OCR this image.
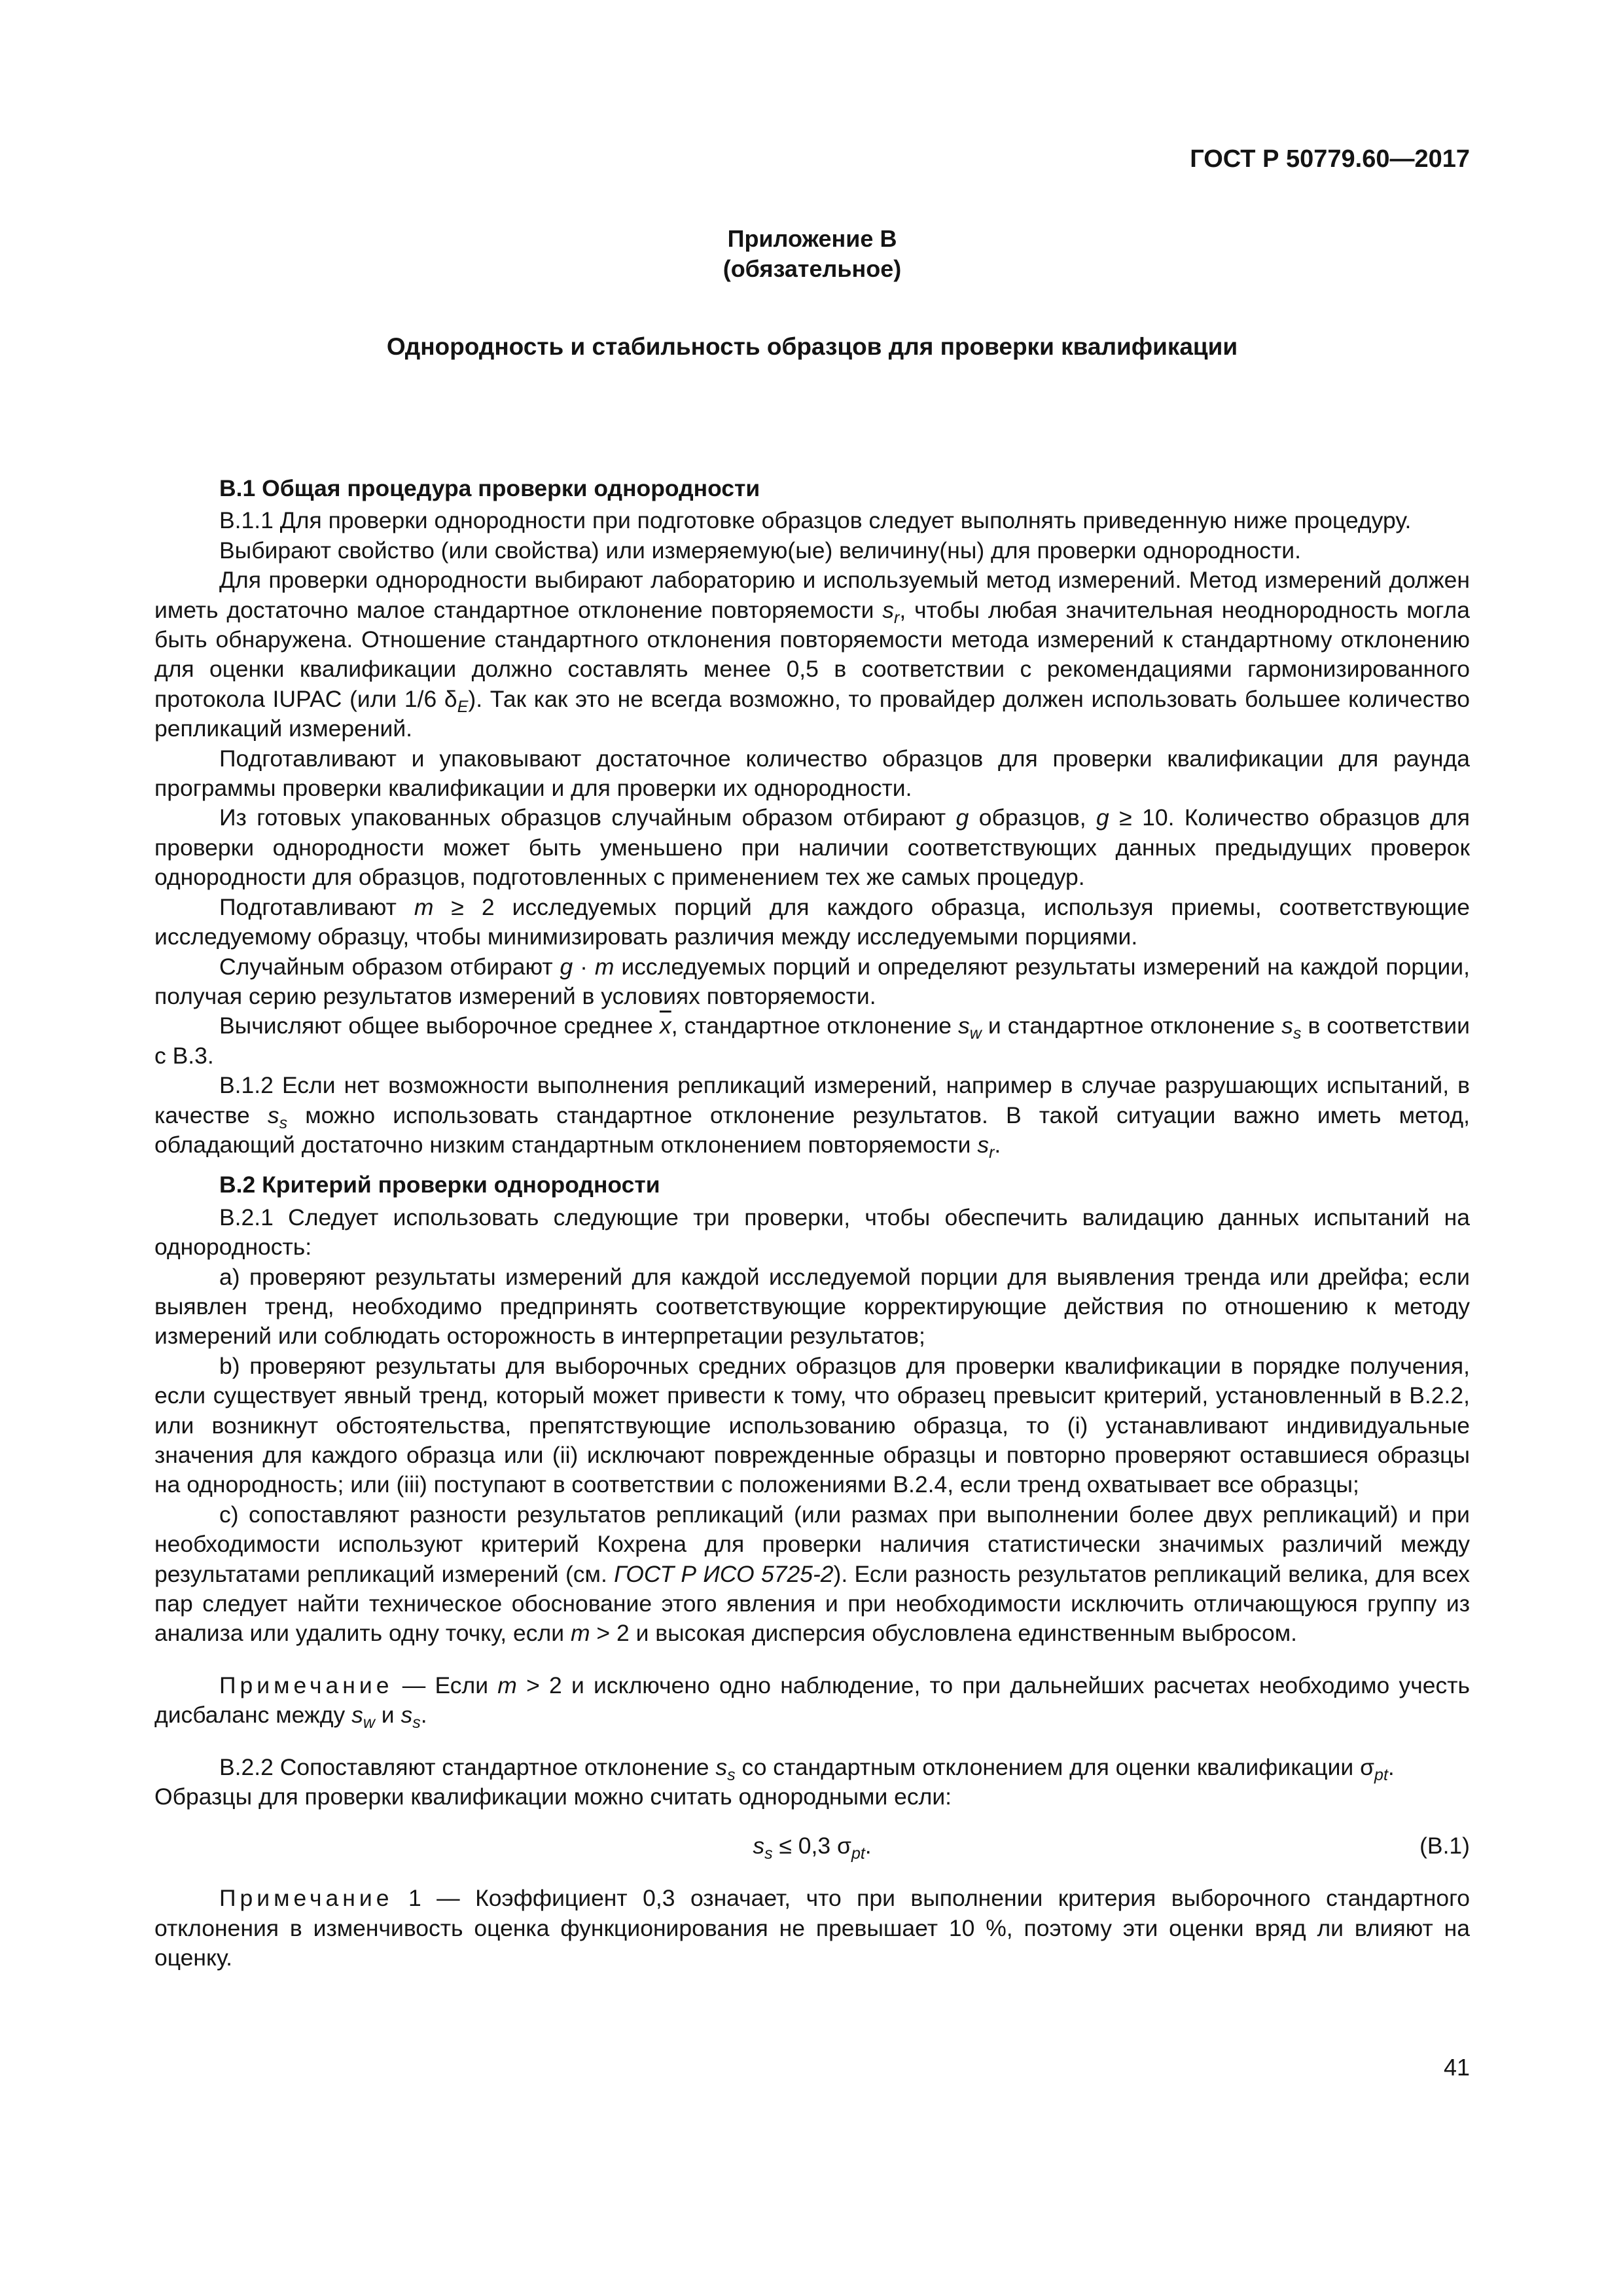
ГОСТ Р 50779.60—2017
Приложение В
(обязательное)
Однородность и стабильность образцов для проверки квалификации
В.1 Общая процедура проверки однородности

В.1.1 Для проверки однородности при подготовке образцов следует выполнять приведенную ниже процедуру.

Выбирают свойство (или свойства) или измеряемую(ые) величину(ны) для проверки однородности.

Для проверки однородности выбирают лабораторию и используемый метод измерений. Метод измерений должен иметь достаточно малое стандартное отклонение повторяемости $s_r$, чтобы любая значительная неоднородность могла быть обнаружена. Отношение стандартного отклонения повторяемости метода измерений к стандартному отклонению для оценки квалификации должно составлять менее 0,5 в соответствии с рекомендациями гармонизированного протокола IUPAC (или 1/6 $\delta_E$). Так как это не всегда возможно, то провайдер должен использовать большее количество репликаций измерений.

Подготавливают и упаковывают достаточное количество образцов для проверки квалификации для раунда программы проверки квалификации и для проверки их однородности.

Из готовых упакованных образцов случайным образом отбирают g образцов, g ≥ 10. Количество образцов для проверки однородности может быть уменьшено при наличии соответствующих данных предыдущих проверок однородности для образцов, подготовленных с применением тех же самых процедур.

Подготавливают m ≥ 2 исследуемых порций для каждого образца, используя приемы, соответствующие исследуемому образцу, чтобы минимизировать различия между исследуемыми порциями.

Случайным образом отбирают g · m исследуемых порций и определяют результаты измерений на каждой порции, получая серию результатов измерений в условиях повторяемости.

Вычисляют общее выборочное среднее $\overline{x}$, стандартное отклонение $s_w$ и стандартное отклонение $s_s$ в соответствии с В.3.

В.1.2 Если нет возможности выполнения репликаций измерений, например в случае разрушающих испытаний, в качестве $s_s$ можно использовать стандартное отклонение результатов. В такой ситуации важно иметь метод, обладающий достаточно низким стандартным отклонением повторяемости $s_r$.

В.2 Критерий проверки однородности

В.2.1 Следует использовать следующие три проверки, чтобы обеспечить валидацию данных испытаний на однородность:

а) проверяют результаты измерений для каждой исследуемой порции для выявления тренда или дрейфа; если выявлен тренд, необходимо предпринять соответствующие корректирующие действия по отношению к методу измерений или соблюдать осторожность в интерпретации результатов;

b) проверяют результаты для выборочных средних образцов для проверки квалификации в порядке получения, если существует явный тренд, который может привести к тому, что образец превысит критерий, установленный в В.2.2, или возникнут обстоятельства, препятствующие использованию образца, то (i) устанавливают индивидуальные значения для каждого образца или (ii) исключают поврежденные образцы и повторно проверяют оставшиеся образцы на однородность; или (iii) поступают в соответствии с положениями В.2.4, если тренд охватывает все образцы;

с) сопоставляют разности результатов репликаций (или размах при выполнении более двух репликаций) и при необходимости используют критерий Кохрена для проверки наличия статистически значимых различий между результатами репликаций измерений (см. ГОСТ Р ИСО 5725-2). Если разность результатов репликаций велика, для всех пар следует найти техническое обоснование этого явления и при необходимости исключить отличающуюся группу из анализа или удалить одну точку, если m > 2 и высокая дисперсия обусловлена единственным выбросом.

Примечание — Если m > 2 и исключено одно наблюдение, то при дальнейших расчетах необходимо учесть дисбаланс между $s_w$ и $s_s$.

В.2.2 Сопоставляют стандартное отклонение $s_s$ со стандартным отклонением для оценки квалификации $\sigma_{pt}$.

Образцы для проверки квалификации можно считать однородными если:

$s_s \le 0,3$ $\sigma_{pt}$.	(В.1)

Примечание 1 — Коэффициент 0,3 означает, что при выполнении критерия выборочного стандартного отклонения в изменчивость оценка функционирования не превышает 10 %, поэтому эти оценки вряд ли влияют на оценку.

41
